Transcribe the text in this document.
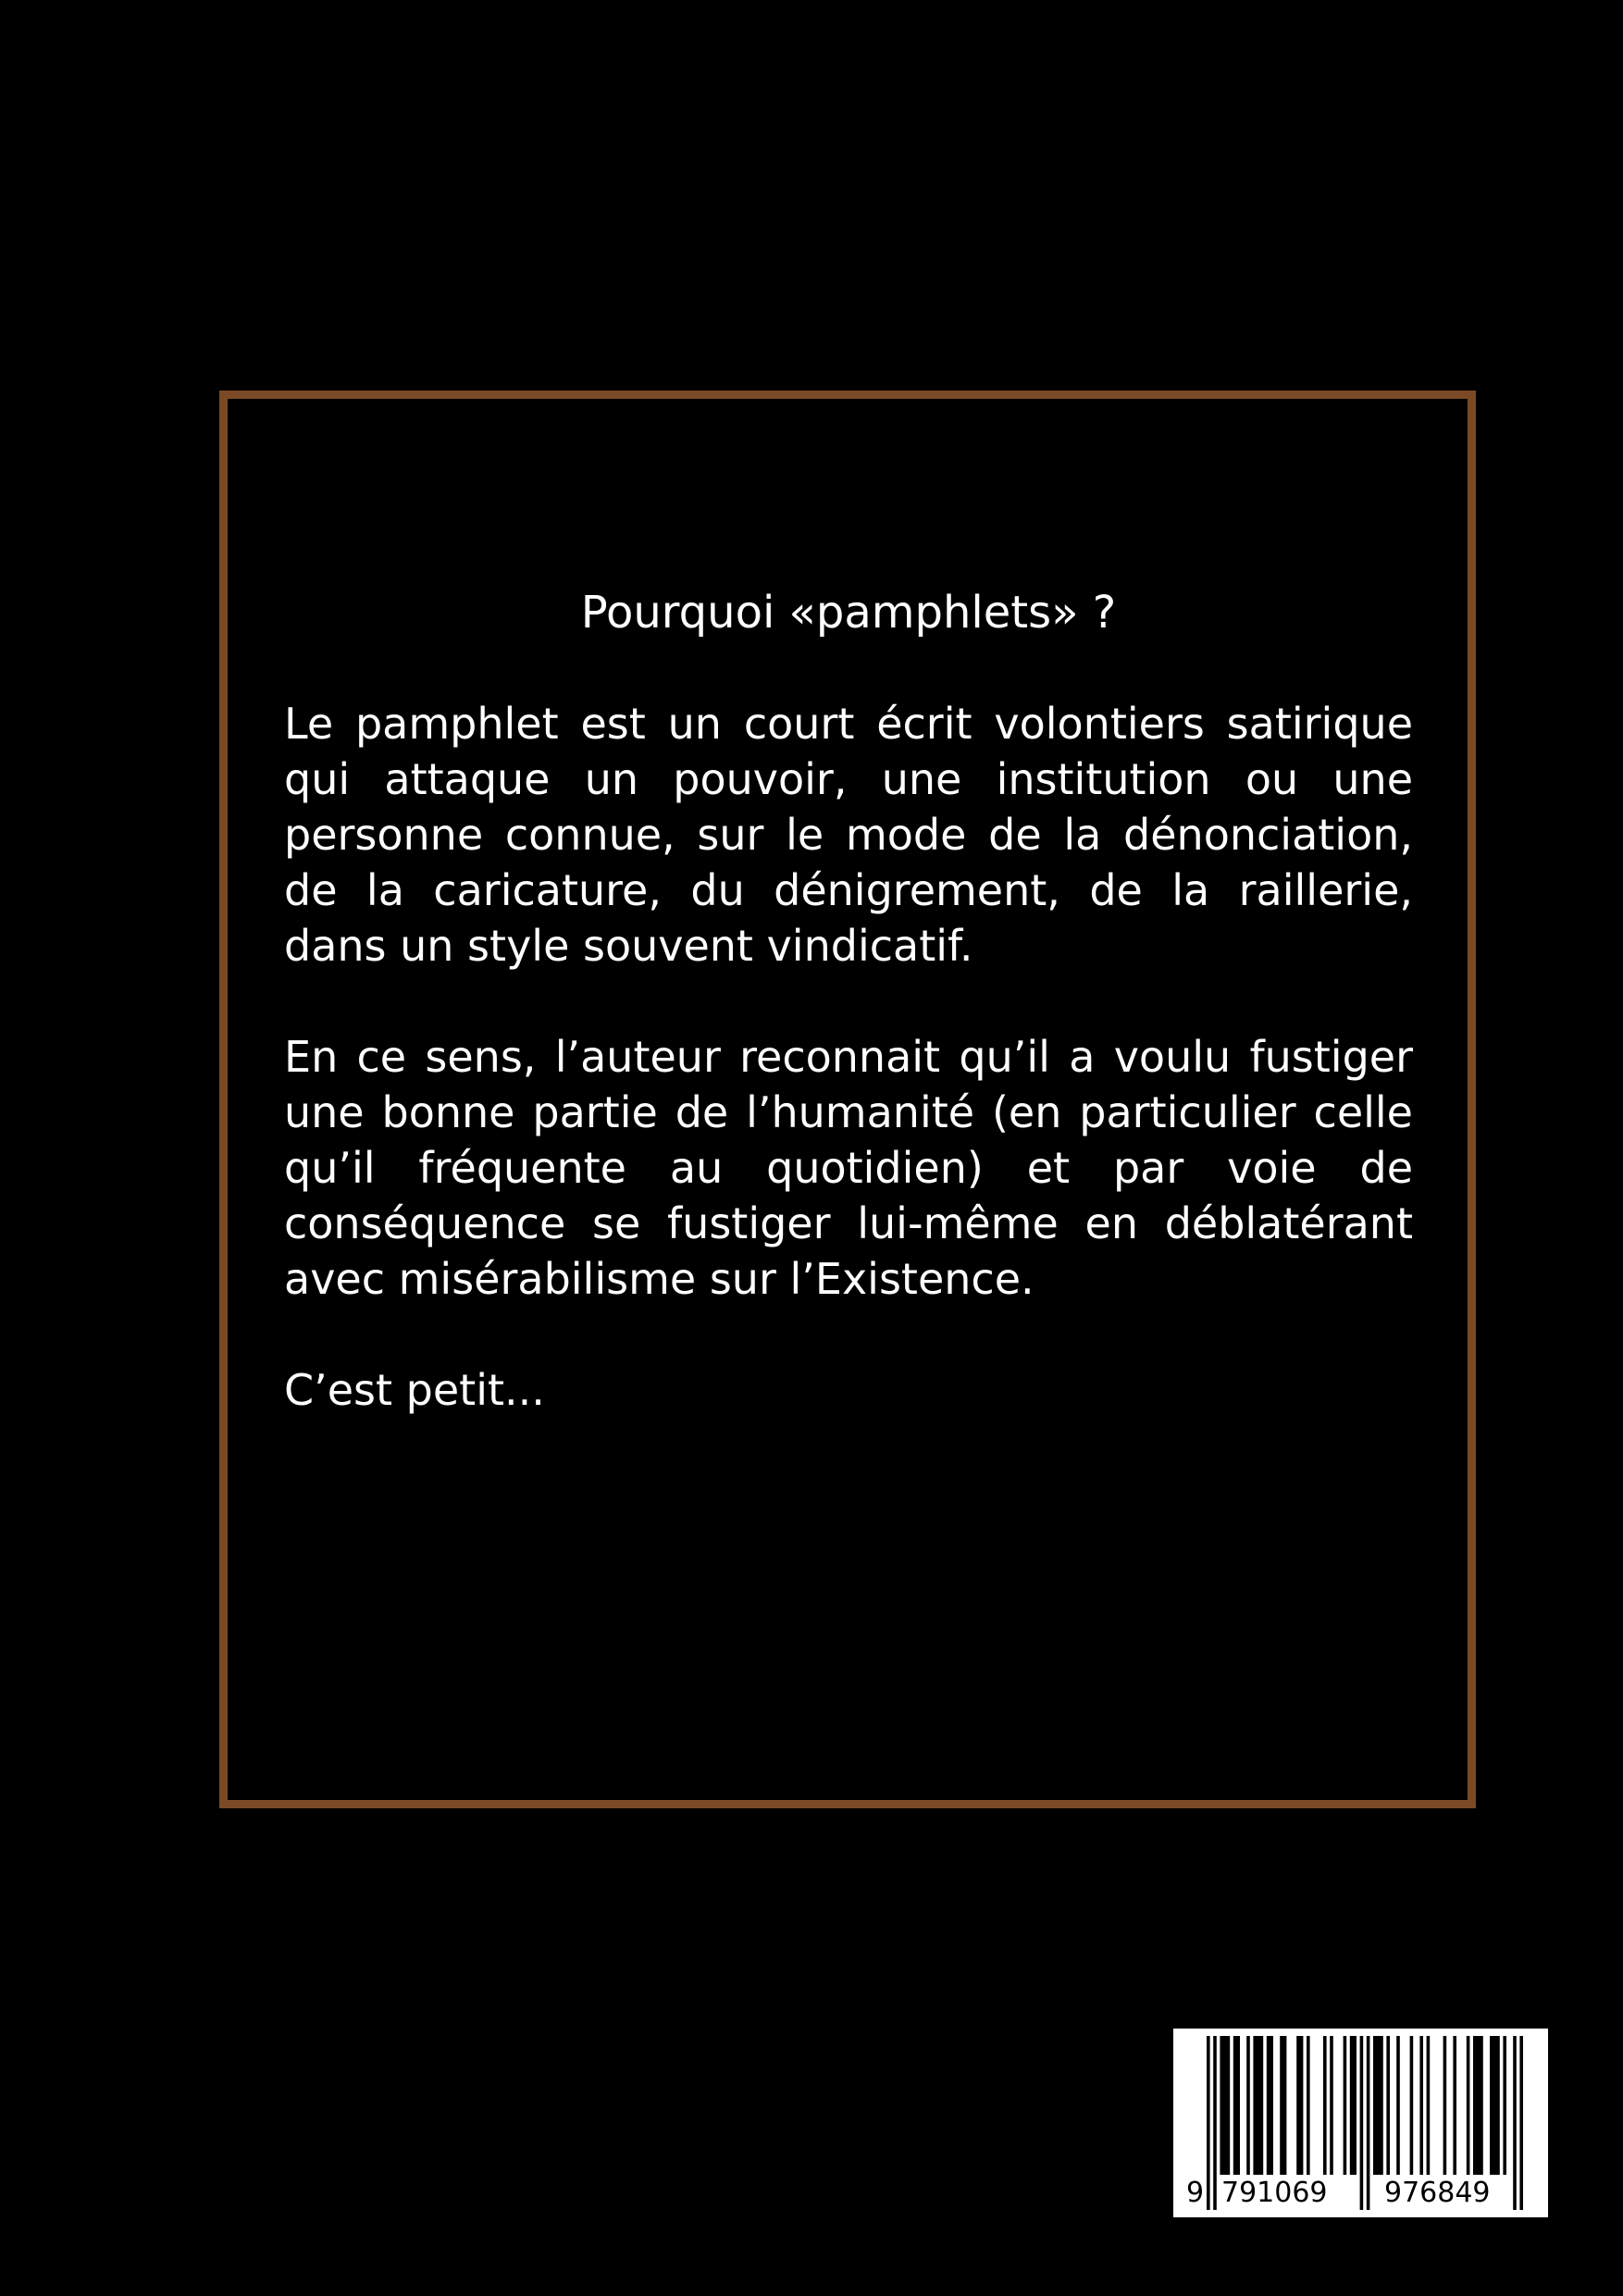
Pourquoi «pamphlets» ?

Le pamphlet est un court écrit volontiers satirique qui attaque un pouvoir, une institution ou une personne connue, sur le mode de la dénonciation, de la caricature, du dénigrement, de la raillerie, dans un style souvent vindicatif.

En ce sens, l’auteur reconnait qu’il a voulu fustiger une bonne partie de l’humanité (en particulier celle qu’il fréquente au quotidien) et par voie de conséquence se fustiger lui-même en déblatérant avec misérabilisme sur l’Existence.

C’est petit...

9 791069 976849
